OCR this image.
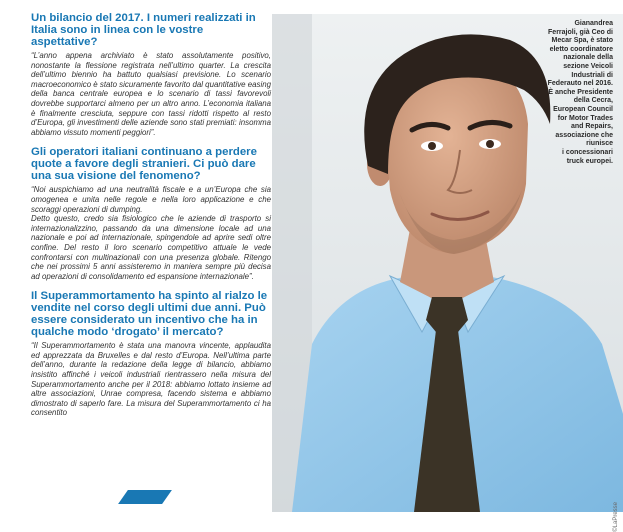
Un bilancio del 2017. I numeri realizzati in Italia sono in linea con le vostre aspettative?
“L’anno appena archiviato è stato assolutamente positivo, nonostante la flessione registrata nell’ultimo quarter. La crescita dell’ultimo biennio ha battuto qualsiasi previsione. Lo scenario macroeconomico è stato sicuramente favorito dal quantitative easing della banca centrale europea e lo scenario di tassi favorevoli dovrebbe supportarci almeno per un altro anno. L’economia italiana è finalmente cresciuta, seppure con tassi ridotti rispetto al resto d’Europa, gli investimenti delle aziende sono stati premiati: insomma abbiamo vissuto momenti peggiori”.
Gli operatori italiani continuano a perdere quote a favore degli stranieri. Ci può dare una sua visione del fenomeno?
“Noi auspichiamo ad una neutralità fiscale e a un’Europa che sia omogenea e unita nelle regole e nella loro applicazione e che scoraggi operazioni di dumping.
Detto questo, credo sia fisiologico che le aziende di trasporto si internazionalizzino, passando da una dimensione locale ad una nazionale e poi ad internazionale, spingendole ad aprire sedi oltre confine. Del resto il loro scenario competitivo attuale le vede confrontarsi con multinazionali con una presenza globale. Ritengo che nei prossimi 5 anni assisteremo in maniera sempre più decisa ad operazioni di consolidamento ed espansione internazionale”.
Il Superammortamento ha spinto al rialzo le vendite nel corso degli ultimi due anni. Può essere considerato un incentivo che ha in qualche modo ‘drogato’ il mercato?
“Il Superammortamento è stata una manovra vincente, applaudita ed apprezzata da Bruxelles e dal resto d’Europa. Nell’ultima parte dell’anno, durante la redazione della legge di bilancio, abbiamo insistito affinché i veicoli industriali rientrassero nella misura del Superammortamento anche per il 2018: abbiamo lottato insieme ad altre associazioni, Unrae compresa, facendo sistema e abbiamo dimostrato di saperlo fare. La misura del Superammortamento ci ha consentito
Gianandrea
Ferrajoli, già Ceo di
Mecar Spa, è stato
eletto coordinatore
nazionale della
sezione Veicoli
Industriali di
Federauto nel 2016.
È anche Presidente
della Cecra,
European Council
for Motor Trades
and Repairs,
associazione che
riunisce
i concessionari
truck europei.
©LaPresse
